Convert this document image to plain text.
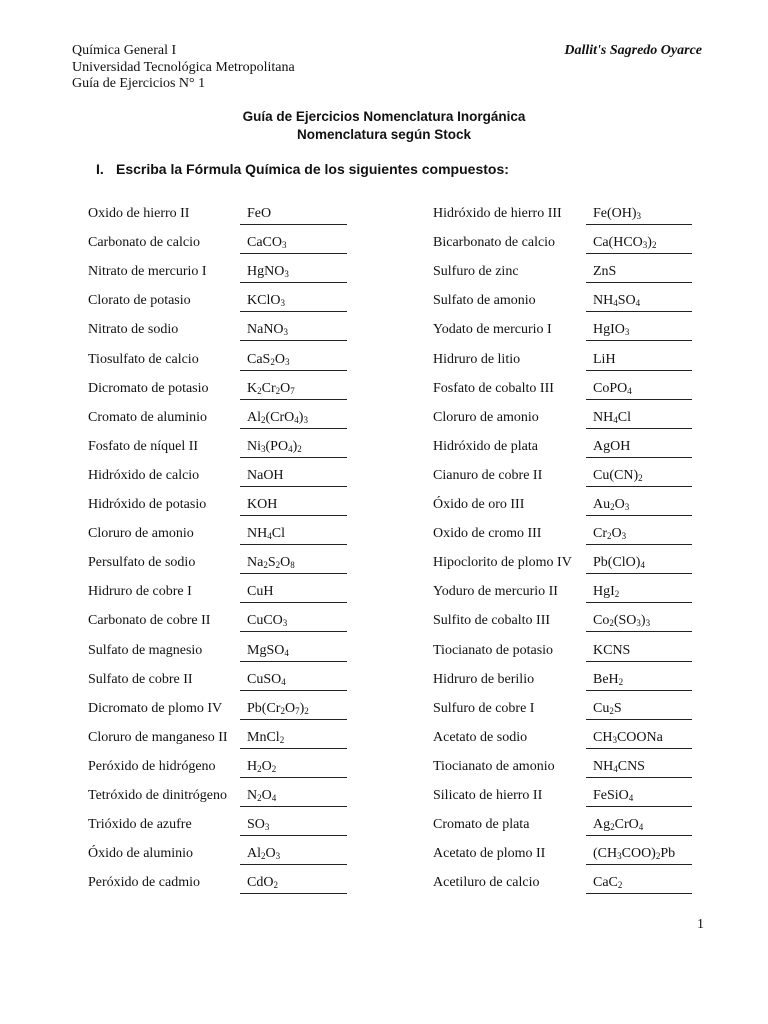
Química General I
Universidad Tecnológica Metropolitana
Guía de Ejercicios N° 1
Dallit's Sagredo Oyarce
Guía de Ejercicios Nomenclatura Inorgánica
Nomenclatura según Stock
I. Escriba la Fórmula Química de los siguientes compuestos:
Oxido de hierro II	FeO
Carbonato de calcio	CaCO$_3$
Nitrato de mercurio I	HgNO$_3$
Clorato de potasio	KClO$_3$
Nitrato de sodio	NaNO$_3$
Tiosulfato de calcio	$CaS_2O_3$
Dicromato de potasio	$K_2Cr_2O_7$
Cromato de aluminio	$Al_2(CrO_4)_3$
Fosfato de níquel II	$Ni_3(PO_4)_2$
Hidróxido de calcio	NaOH
Hidróxido de potasio	KOH
Cloruro de amonio	$NH_4Cl$
Persulfato de sodio	$Na_2S_2O_8$
Hidruro de cobre I	CuH
Carbonato de cobre II	CuCO$_3$
Sulfato de magnesio	MgSO$_4$
Sulfato de cobre II	CuSO$_4$
Dicromato de plomo IV $Pb(Cr_2O_7)_2$
Cloruro de manganeso II MnCl$_2$
Peróxido de hidrógeno $H_2O_2$
Tetróxido de dinitrógeno $N_2O_4$
Trióxido de azufre	$SO_3$
Óxido de aluminio	$Al_2O_3$
Peróxido de cadmio	CdO$_2$
Hidróxido de hierro III $Fe(OH)_3$
Bicarbonato de calcio	$Ca(HCO_3)_2$
Sulfuro de zinc	ZnS
Sulfato de amonio	$NH_4SO_4$
Yodato de mercurio I	HgIO$_3$
Hidruro de litio	LiH
Fosfato de cobalto III	CoPO$_4$
Cloruro de amonio	$NH_4Cl$
Hidróxido de plata	AgOH
Cianuro de cobre II	$Cu(CN)_2$
Óxido de oro III	$Au_2O_3$
Oxido de cromo III	$Cr_2O_3$
Hipoclorito de plomo IV $Pb(ClO)_4$
Yoduro de mercurio II	HgI$_2$
Sulfito de cobalto III	$Co_2(SO_3)_3$
Tiocianato de potasio	KCNS
Hidruro de berilio	BeH$_2$
Sulfuro de cobre I	$Cu_2S$
Acetato de sodio	$CH_3COONa$
Tiocianato de amonio	$NH_4CNS$
Silicato de hierro II	FeSiO$_4$
Cromato de plata	$Ag_2CrO_4$
Acetato de plomo II	$(CH_3COO)_2Pb$
Acetiluro de calcio	CaC$_2$
1
